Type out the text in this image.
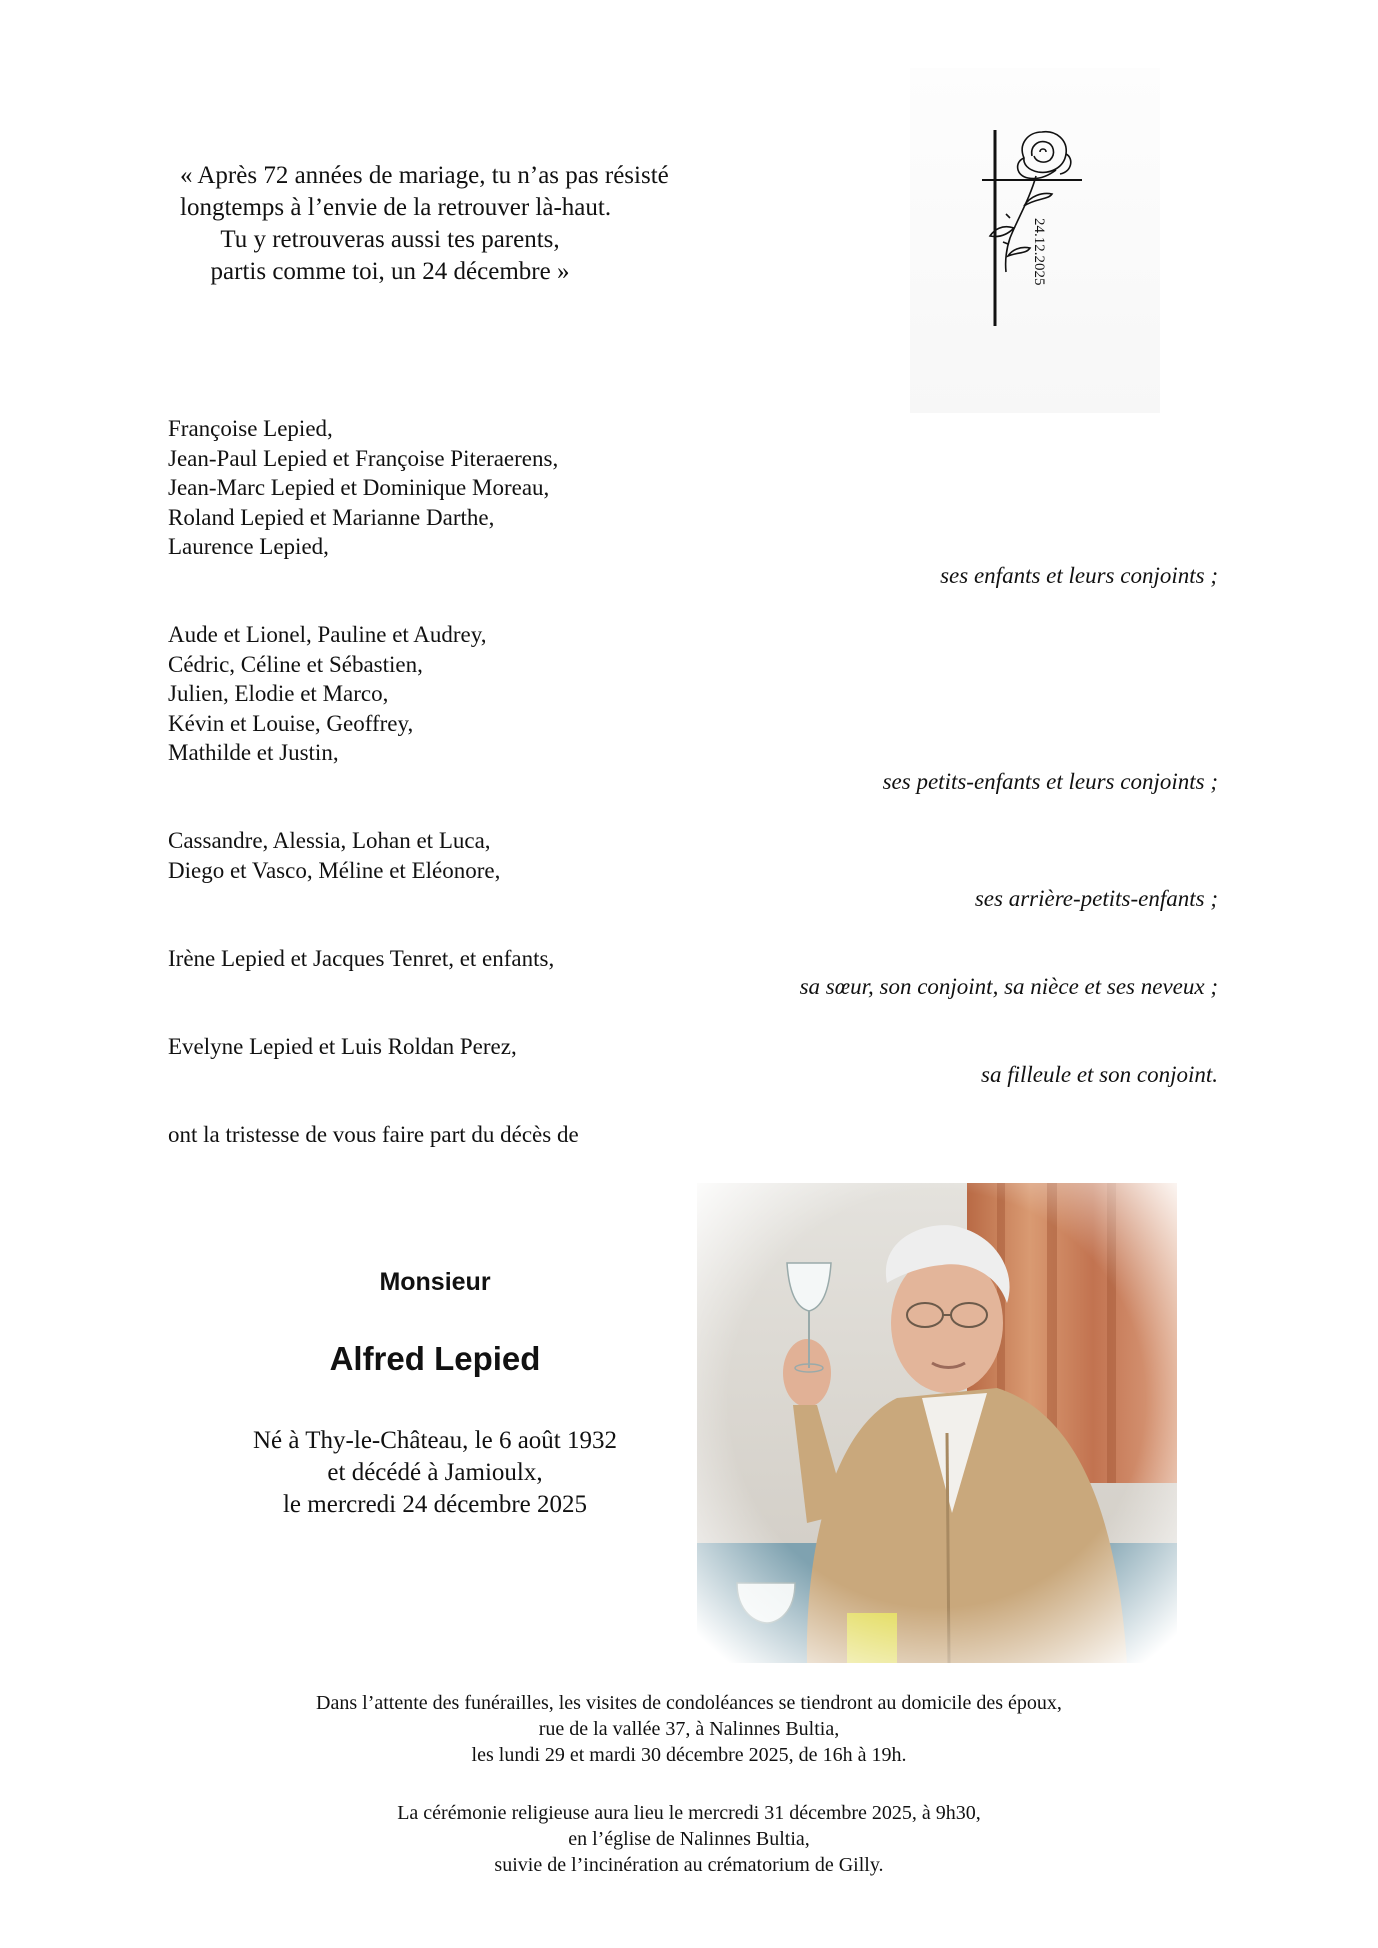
« Après 72 années de mariage, tu n’as pas résisté
longtemps à l’envie de la retrouver là-haut.
Tu y retrouveras aussi tes parents,
partis comme toi, un 24 décembre »	24.12.2025
Françoise Lepied,
Jean-Paul Lepied et Françoise Piteraerens,
Jean-Marc Lepied et Dominique Moreau,
Roland Lepied et Marianne Darthe,
Laurence Lepied,
ses enfants et leurs conjoints ;
Aude et Lionel, Pauline et Audrey,
Cédric, Céline et Sébastien,
Julien, Elodie et Marco,
Kévin et Louise, Geoffrey,
Mathilde et Justin,
ses petits-enfants et leurs conjoints ;
Cassandre, Alessia, Lohan et Luca,
Diego et Vasco, Méline et Eléonore,
ses arrière-petits-enfants ;
Irène Lepied et Jacques Tenret, et enfants,
sa sœur, son conjoint, sa nièce et ses neveux ;
Evelyne Lepied et Luis Roldan Perez,
sa filleule et son conjoint.
ont la tristesse de vous faire part du décès de
Monsieur
Alfred Lepied
Né à Thy-le-Château, le 6 août 1932
et décédé à Jamioulx,
le mercredi 24 décembre 2025
Dans l’attente des funérailles, les visites de condoléances se tiendront au domicile des époux,
rue de la vallée 37, à Nalinnes Bultia,
les lundi 29 et mardi 30 décembre 2025, de 16h à 19h.
La cérémonie religieuse aura lieu le mercredi 31 décembre 2025, à 9h30,
en l’église de Nalinnes Bultia,
suivie de l’incinération au crématorium de Gilly.
